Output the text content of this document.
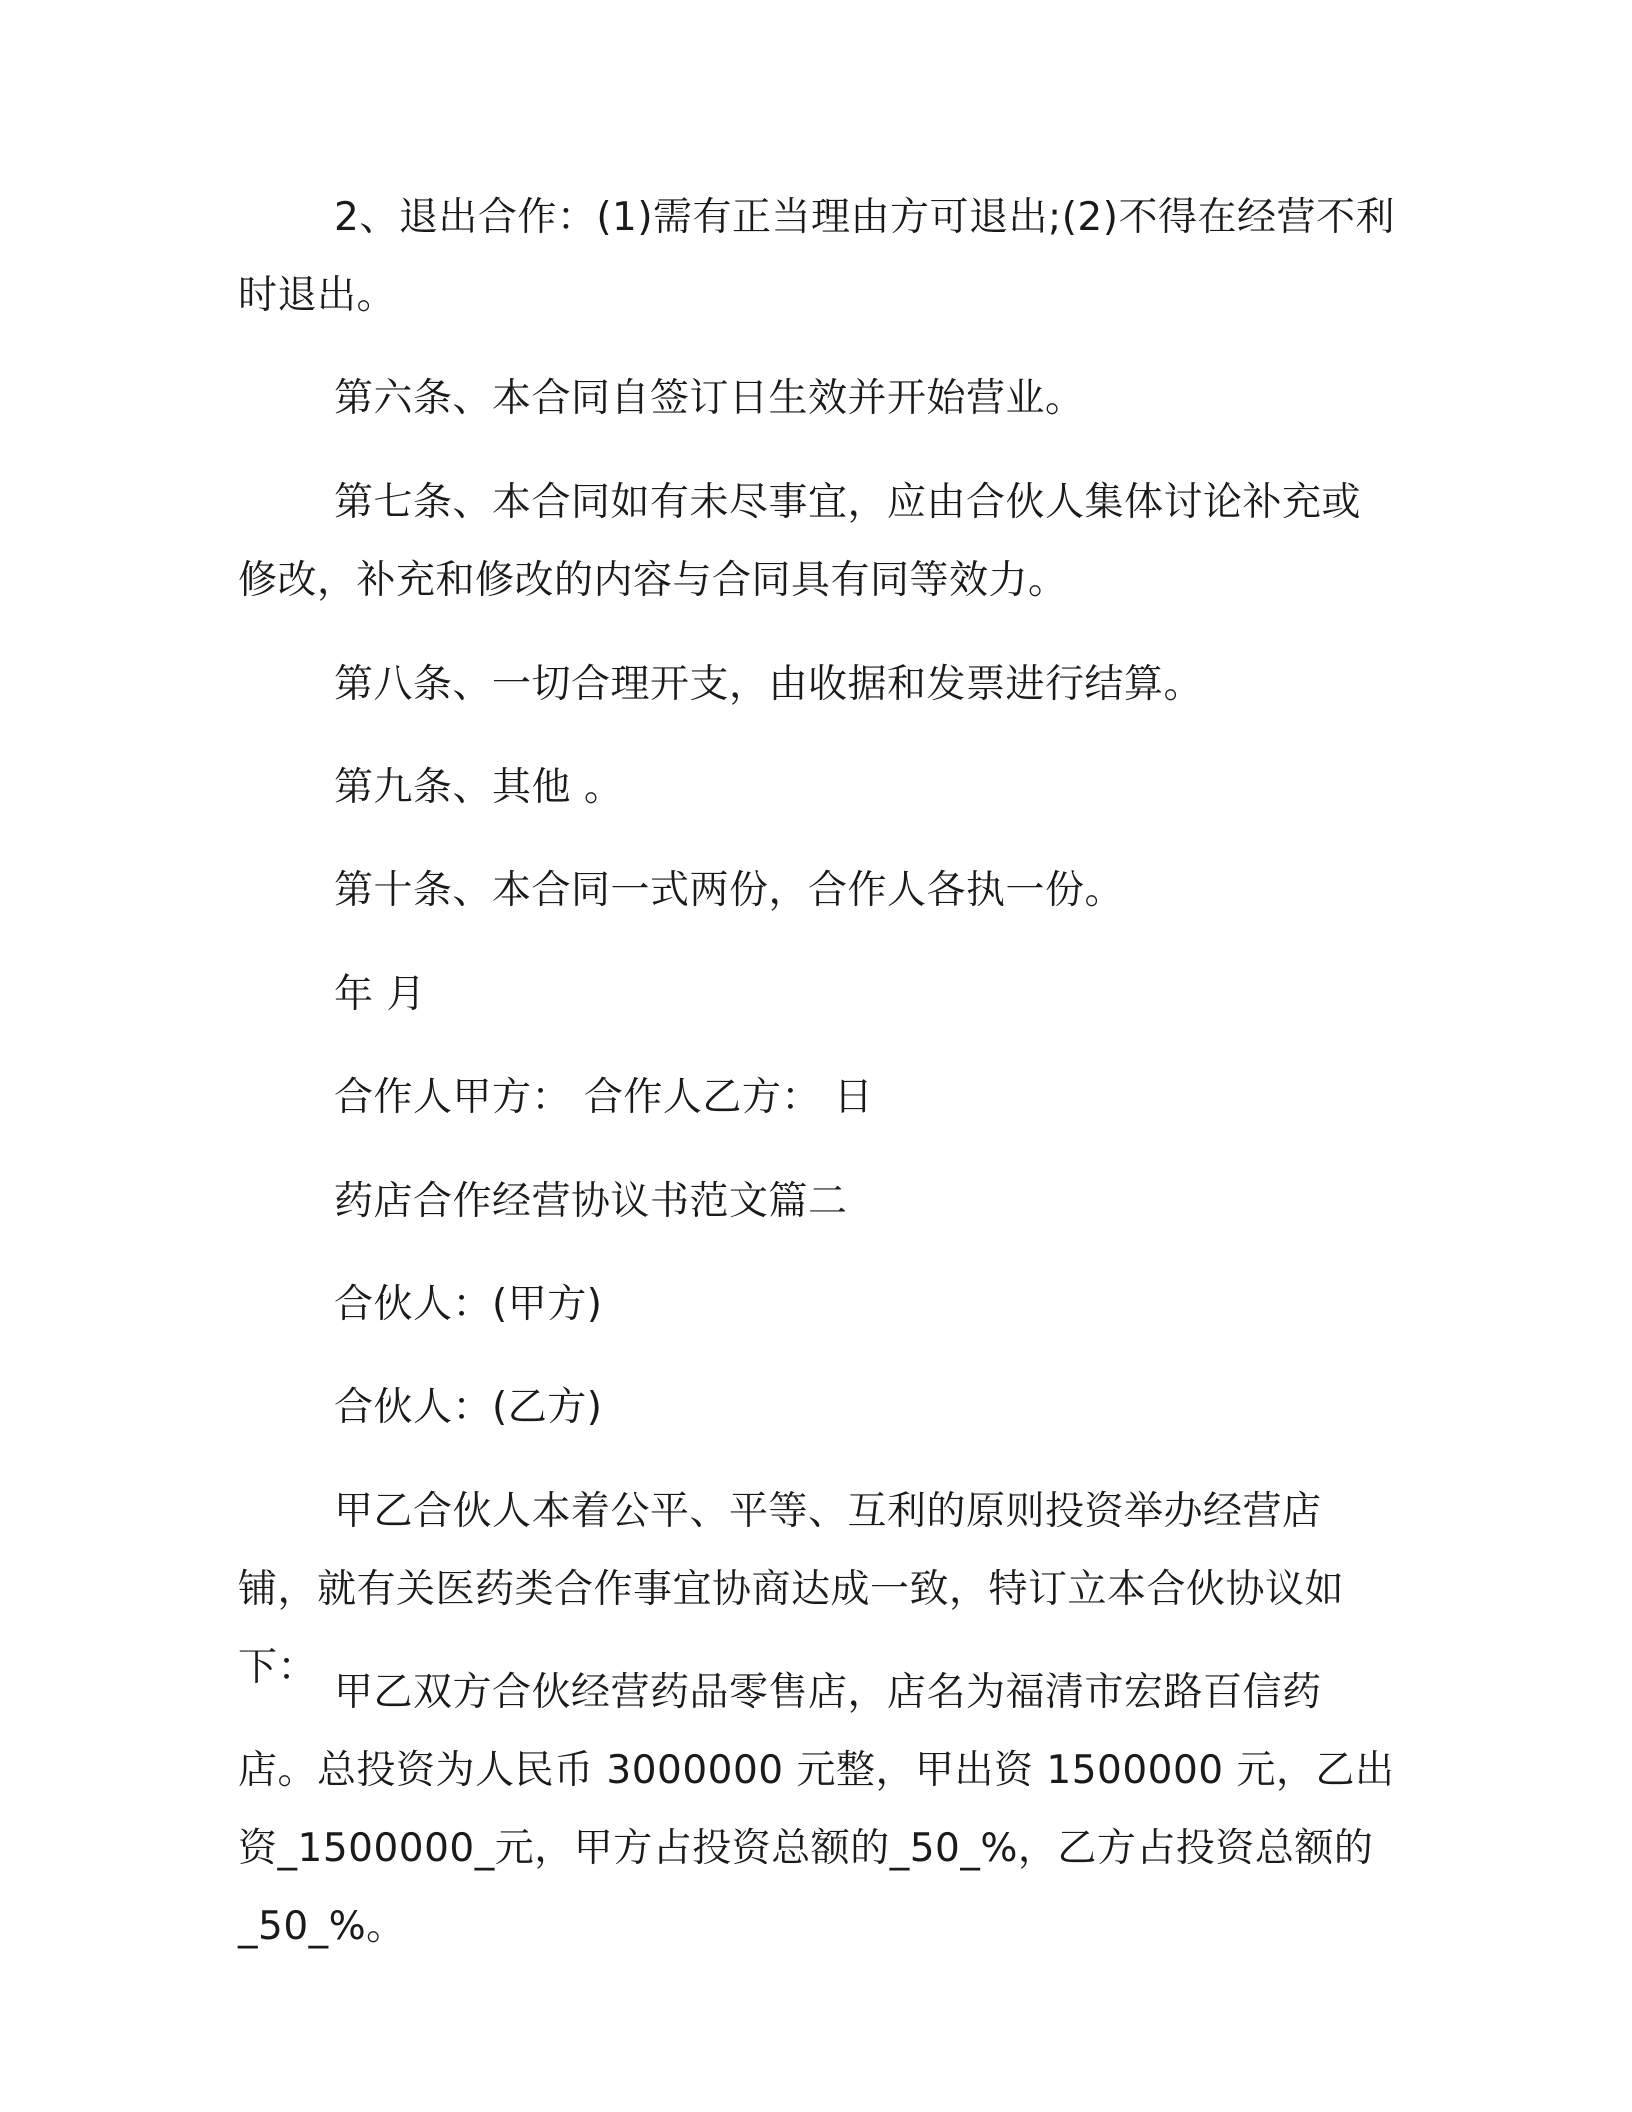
2、退出合作：(1)需有正当理由方可退出;(2)不得在经营不利时退出。

第六条、本合同自签订日生效并开始营业。

第七条、本合同如有未尽事宜，应由合伙人集体讨论补充或修改，补充和修改的内容与合同具有同等效力。

第八条、一切合理开支，由收据和发票进行结算。

第九条、其他 。

第十条、本合同一式两份，合作人各执一份。

年 月

合作人甲方： 合作人乙方： 日

药店合作经营协议书范文篇二

合伙人：(甲方)

合伙人：(乙方)

甲乙合伙人本着公平、平等、互利的原则投资举办经营店铺，就有关医药类合作事宜协商达成一致，特订立本合伙协议如下：

甲乙双方合伙经营药品零售店，店名为福清市宏路百信药店。总投资为人民币 3000000 元整，甲出资 1500000 元，乙出资_1500000_元，甲方占投资总额的_50_%，乙方占投资总额的_50_%。
